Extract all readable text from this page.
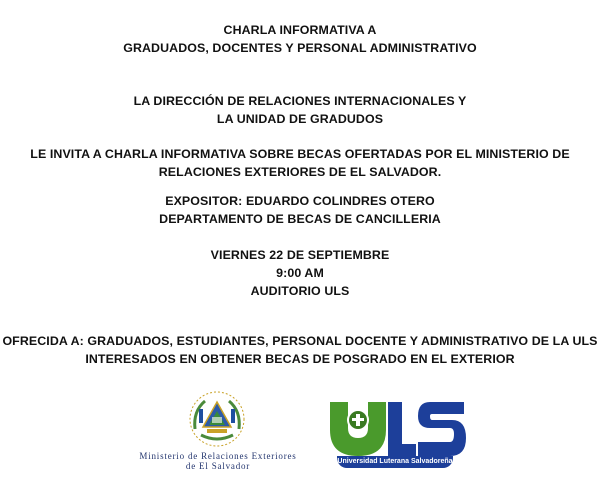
CHARLA INFORMATIVA A
GRADUADOS, DOCENTES Y PERSONAL ADMINISTRATIVO
LA DIRECCIÓN DE RELACIONES INTERNACIONALES Y
LA UNIDAD DE GRADUDOS
LE INVITA A CHARLA INFORMATIVA SOBRE BECAS OFERTADAS POR EL MINISTERIO DE
RELACIONES EXTERIORES DE EL SALVADOR.
EXPOSITOR: EDUARDO COLINDRES OTERO
DEPARTAMENTO DE BECAS DE CANCILLERIA
VIERNES 22 DE SEPTIEMBRE
9:00 AM
AUDITORIO ULS
OFRECIDA A: GRADUADOS, ESTUDIANTES, PERSONAL DOCENTE Y ADMINISTRATIVO DE LA ULS
INTERESADOS EN OBTENER BECAS DE POSGRADO EN EL EXTERIOR
Ministerio de Relaciones Exteriores
de El Salvador	Universidad Luterana Salvadoreña
